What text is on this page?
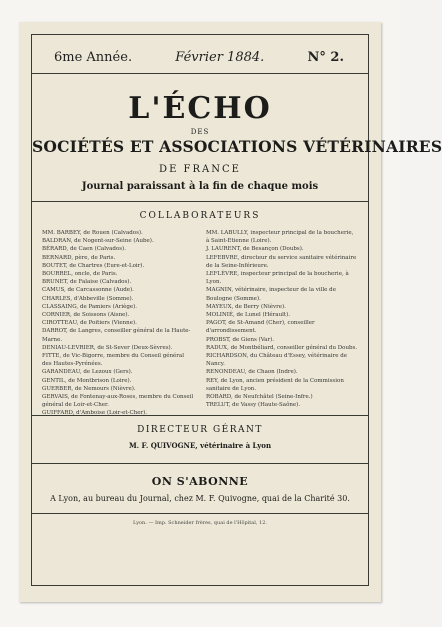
6me Année.	Février 1884.	N° 2.
L'ÉCHO
DES
SOCIÉTÉS ET ASSOCIATIONS VÉTÉRINAIRES
DE FRANCE
Journal paraissant à la fin de chaque mois
COLLABORATEURS
MM. BARBEY, de Rouen (Calvados).
BALDRAN, de Nogent-sur-Seine (Aube).
BÉRARD, de Caen (Calvados).
BERNARD, père, de Paris.
BOUTET, de Chartres (Eure-et-Loir).
BOURREL, oncle, de Paris.
BRUNET, de Falaise (Calvados).
CAMUS, de Carcassonne (Aude).
CHARLES, d'Abbeville (Somme).
CLASSAING, de Pamiers (Ariège).
CORNIER, de Soissons (Aisne).
CIROTTEAU, de Poitiers (Vienne).
DARROT, de Langres, conseiller général de la Haute-Marne.
DENIAU-LEVRIER, de St-Sever (Deux-Sèvres).
FITTE, de Vic-Bigorre, membre du Conseil général des Hautes-Pyrénées.
GARANDEAU, de Lezoux (Gers).
GENTIL, de Montbrison (Loire).
GUERBER, de Nemours (Nièvre).
GERVAIS, de Fontenay-aux-Roses, membre du Conseil général de Loir-et-Cher.
GUIFFARD, d'Amboise (Loir-et-Cher).
MM. LABULLY, inspecteur principal de la boucherie, à Saint-Etienne (Loire).
J. LAURENT, de Besançon (Doubs).
LEFEBVRE, directeur du service sanitaire vétérinaire de la Seine-Inférieure.
LEFLÈVRE, inspecteur principal de la boucherie, à Lyon.
MAGNIN, vétérinaire, inspecteur de la ville de Boulogne (Somme).
MAYEUX, de Berry (Nièvre).
MOLINIÉ, de Lunel (Hérault).
PAGOT, de St-Amand (Cher), conseiller d'arrondissement.
PROBST, de Giens (Var).
RADUX, de Montbéliard, conseiller général du Doubs.
RICHARDSON, du Château d'Essey, vétérinaire de Nancy.
RENONDEAU, de Chaon (Indre).
REY, de Lyon, ancien président de la Commission sanitaire de Lyon.
ROBARD, de Neufchâtel (Seine-Infre.)
TRELUT, de Vassy (Haute-Saône).
DIRECTEUR GÉRANT
M. F. QUIVOGNE, vétérinaire à Lyon
ON S'ABONNE
A Lyon, au bureau du Journal, chez M. F. Quivogne, quai de la Charité 30.
Lyon. — Imp. Schneider frères, quai de l'Hôpital, 12.
